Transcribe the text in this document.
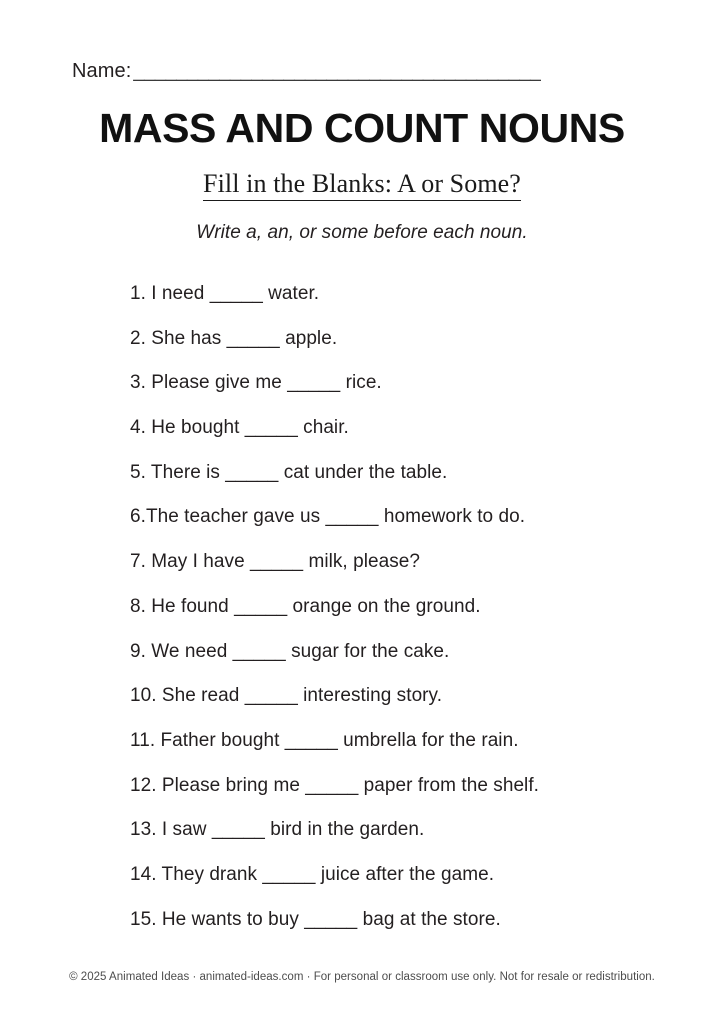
Name: ______________________________________
MASS AND COUNT NOUNS
Fill in the Blanks: A or Some?
Write a, an, or some before each noun.
1. I need _____ water.
2. She has _____ apple.
3. Please give me _____ rice.
4. He bought _____ chair.
5. There is _____ cat under the table.
6.The teacher gave us _____ homework to do.
7. May I have _____ milk, please?
8. He found _____ orange on the ground.
9. We need _____ sugar for the cake.
10. She read _____ interesting story.
11. Father bought _____ umbrella for the rain.
12. Please bring me _____ paper from the shelf.
13. I saw _____ bird in the garden.
14. They drank _____ juice after the game.
15. He wants to buy _____ bag at the store.
© 2025 Animated Ideas · animated-ideas.com · For personal or classroom use only. Not for resale or redistribution.
